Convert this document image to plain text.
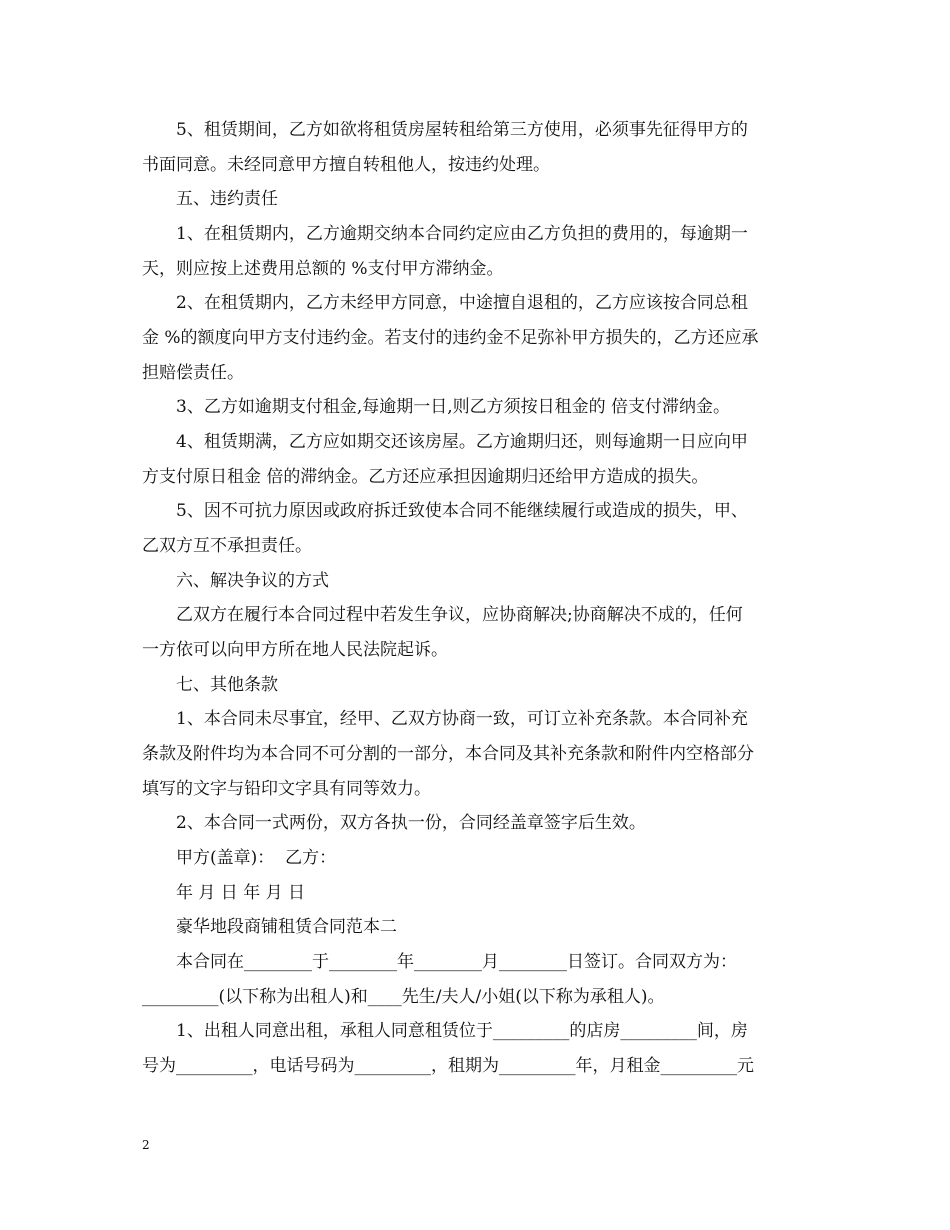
5、租赁期间，乙方如欲将租赁房屋转租给第三方使用，必须事先征得甲方的
书面同意。未经同意甲方擅自转租他人，按违约处理。
五、违约责任
1、在租赁期内，乙方逾期交纳本合同约定应由乙方负担的费用的，每逾期一
天，则应按上述费用总额的 %支付甲方滞纳金。
2、在租赁期内，乙方未经甲方同意，中途擅自退租的，乙方应该按合同总租
金 %的额度向甲方支付违约金。若支付的违约金不足弥补甲方损失的，乙方还应承
担赔偿责任。
3、乙方如逾期支付租金,每逾期一日,则乙方须按日租金的 倍支付滞纳金。
4、租赁期满，乙方应如期交还该房屋。乙方逾期归还，则每逾期一日应向甲
方支付原日租金 倍的滞纳金。乙方还应承担因逾期归还给甲方造成的损失。
5、因不可抗力原因或政府拆迁致使本合同不能继续履行或造成的损失，甲、
乙双方互不承担责任。
六、解决争议的方式
乙双方在履行本合同过程中若发生争议，应协商解决;协商解决不成的，任何
一方依可以向甲方所在地人民法院起诉。
七、其他条款
1、本合同未尽事宜，经甲、乙双方协商一致，可订立补充条款。本合同补充
条款及附件均为本合同不可分割的一部分，本合同及其补充条款和附件内空格部分
填写的文字与铅印文字具有同等效力。
2、本合同一式两份，双方各执一份，合同经盖章签字后生效。
甲方(盖章)：  乙方：
年 月 日 年 月 日
豪华地段商铺租赁合同范本二
本合同在________于________年________月________日签订。合同双方为：
_________(以下称为出租人)和____先生/夫人/小姐(以下称为承租人)。
1、出租人同意出租，承租人同意租赁位于_________的店房_________间，房
号为_________，电话号码为_________，租期为_________年，月租金_________元
2
